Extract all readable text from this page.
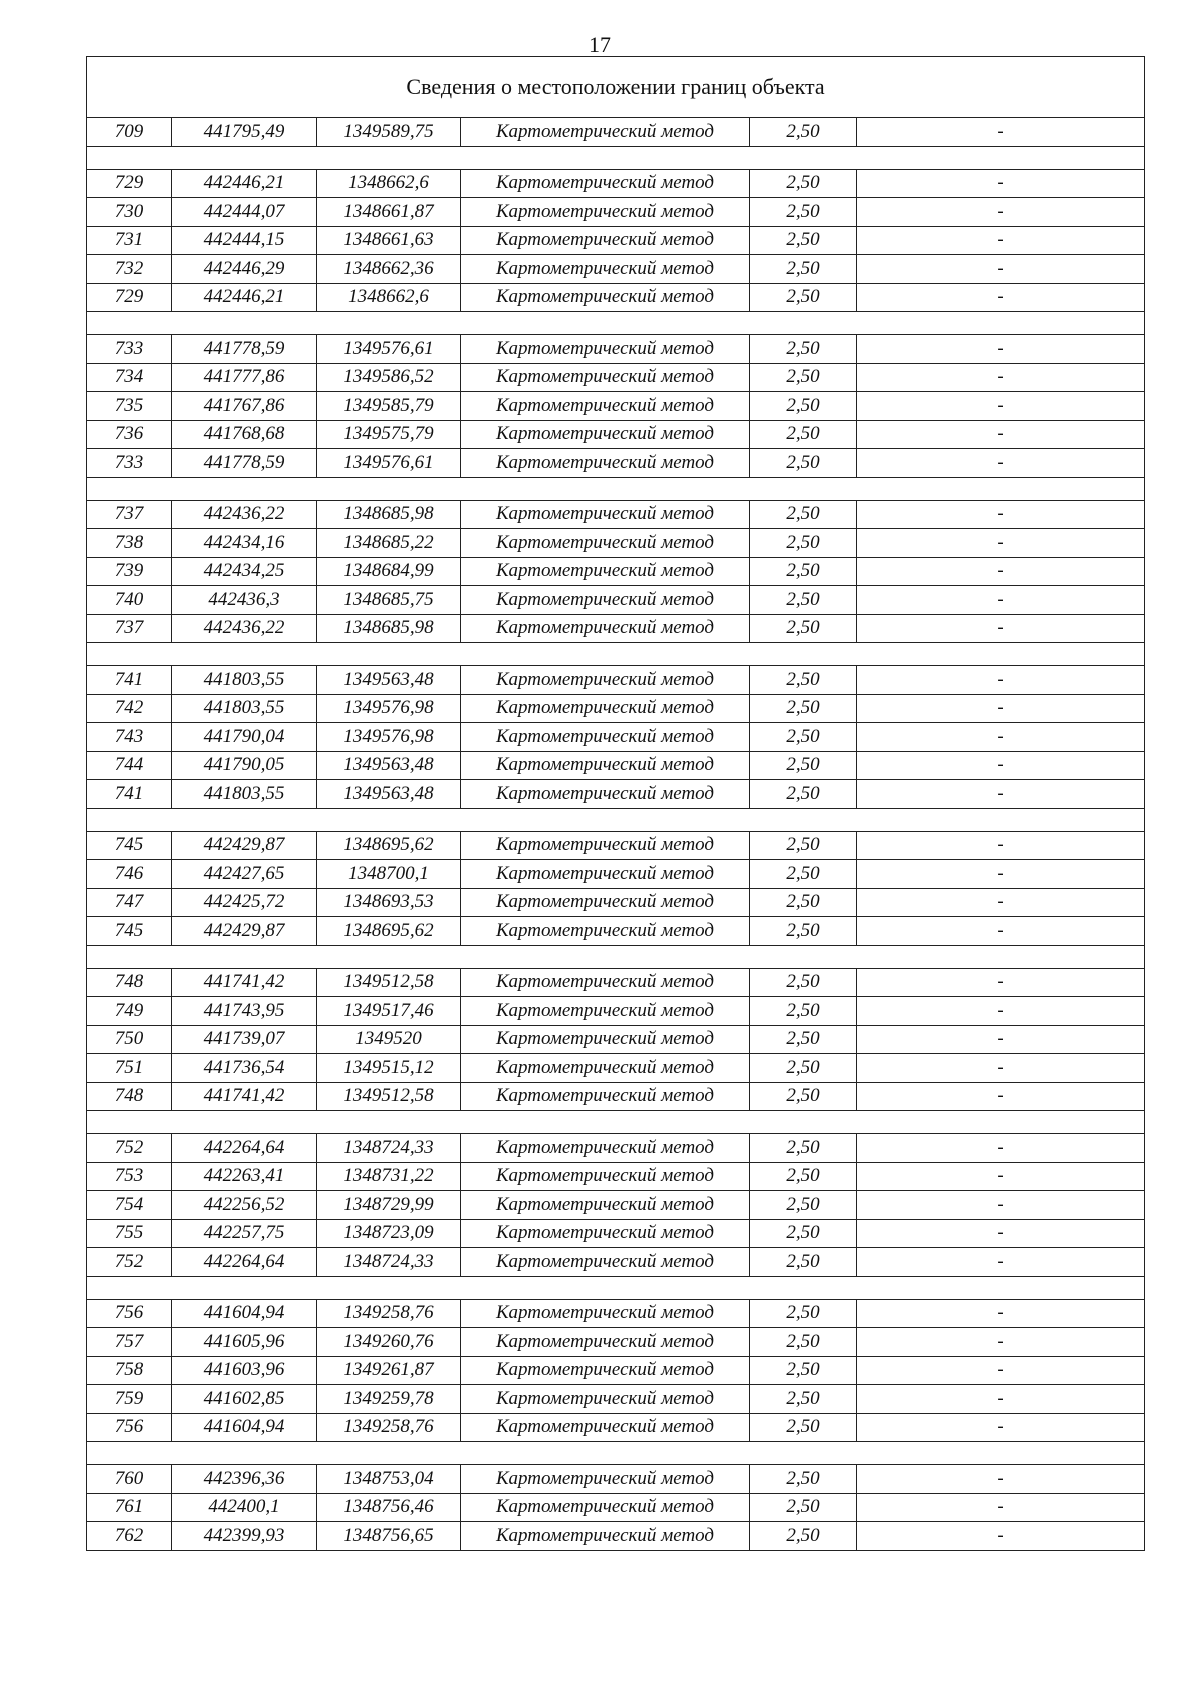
17
Сведения о местоположении границ объекта					
709	441795,49	1349589,75	Картометрический метод	2,50	-

729	442446,21	1348662,6	Картометрический метод	2,50	-
730	442444,07	1348661,87	Картометрический метод	2,50	-
731	442444,15	1348661,63	Картометрический метод	2,50	-
732	442446,29	1348662,36	Картометрический метод	2,50	-
729	442446,21	1348662,6	Картометрический метод	2,50	-

733	441778,59	1349576,61	Картометрический метод	2,50	-
734	441777,86	1349586,52	Картометрический метод	2,50	-
735	441767,86	1349585,79	Картометрический метод	2,50	-
736	441768,68	1349575,79	Картометрический метод	2,50	-
733	441778,59	1349576,61	Картометрический метод	2,50	-

737	442436,22	1348685,98	Картометрический метод	2,50	-
738	442434,16	1348685,22	Картометрический метод	2,50	-
739	442434,25	1348684,99	Картометрический метод	2,50	-
740	442436,3	1348685,75	Картометрический метод	2,50	-
737	442436,22	1348685,98	Картометрический метод	2,50	-

741	441803,55	1349563,48	Картометрический метод	2,50	-
742	441803,55	1349576,98	Картометрический метод	2,50	-
743	441790,04	1349576,98	Картометрический метод	2,50	-
744	441790,05	1349563,48	Картометрический метод	2,50	-
741	441803,55	1349563,48	Картометрический метод	2,50	-

745	442429,87	1348695,62	Картометрический метод	2,50	-
746	442427,65	1348700,1	Картометрический метод	2,50	-
747	442425,72	1348693,53	Картометрический метод	2,50	-
745	442429,87	1348695,62	Картометрический метод	2,50	-

748	441741,42	1349512,58	Картометрический метод	2,50	-
749	441743,95	1349517,46	Картометрический метод	2,50	-
750	441739,07	1349520	Картометрический метод	2,50	-
751	441736,54	1349515,12	Картометрический метод	2,50	-
748	441741,42	1349512,58	Картометрический метод	2,50	-

752	442264,64	1348724,33	Картометрический метод	2,50	-
753	442263,41	1348731,22	Картометрический метод	2,50	-
754	442256,52	1348729,99	Картометрический метод	2,50	-
755	442257,75	1348723,09	Картометрический метод	2,50	-
752	442264,64	1348724,33	Картометрический метод	2,50	-

756	441604,94	1349258,76	Картометрический метод	2,50	-
757	441605,96	1349260,76	Картометрический метод	2,50	-
758	441603,96	1349261,87	Картометрический метод	2,50	-
759	441602,85	1349259,78	Картометрический метод	2,50	-
756	441604,94	1349258,76	Картометрический метод	2,50	-

760	442396,36	1348753,04	Картометрический метод	2,50	-
761	442400,1	1348756,46	Картометрический метод	2,50	-
762	442399,93	1348756,65	Картометрический метод	2,50	-
